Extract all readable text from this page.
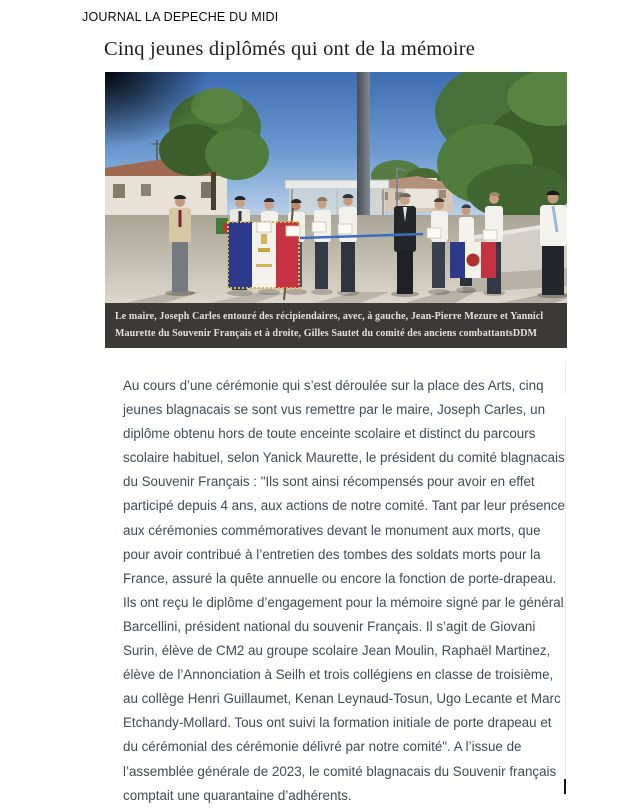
JOURNAL LA DEPECHE DU MIDI
Cinq jeunes diplômés qui ont de la mémoire
Le maire, Joseph Carles entouré des récipiendaires, avec, à gauche, Jean-Pierre Mezure et Yannicl Maurette du Souvenir Français et à droite, Gilles Sautet du comité des anciens combattantsDDM

Au cours d’une cérémonie qui s’est déroulée sur la place des Arts, cinq jeunes blagnacais se sont vus remettre par le maire, Joseph Carles, un diplôme obtenu hors de toute enceinte scolaire et distinct du parcours scolaire habituel, selon Yanick Maurette, le président du comité blagnacais du Souvenir Français : "Ils sont ainsi récompensés pour avoir en effet participé depuis 4 ans, aux actions de notre comité. Tant par leur présence aux cérémonies commémoratives devant le monument aux morts, que pour avoir contribué à l’entretien des tombes des soldats morts pour la France, assuré la quête annuelle ou encore la fonction de porte-drapeau. Ils ont reçu le diplôme d’engagement pour la mémoire signé par le général Barcellini, président national du souvenir Français. Il s’agit de Giovani Surin, élève de CM2 au groupe scolaire Jean Moulin, Raphaël Martinez, élève de l’Annonciation à Seilh et trois collégiens en classe de troisième, au collège Henri Guillaumet, Kenan Leynaud-Tosun, Ugo Lecante et Marc Etchandy-Mollard. Tous ont suivi la formation initiale de porte drapeau et du cérémonial des cérémonie délivré par notre comité". A l’issue de l’assemblée générale de 2023, le comité blagnacais du Souvenir français comptait une quarantaine d’adhérents.
